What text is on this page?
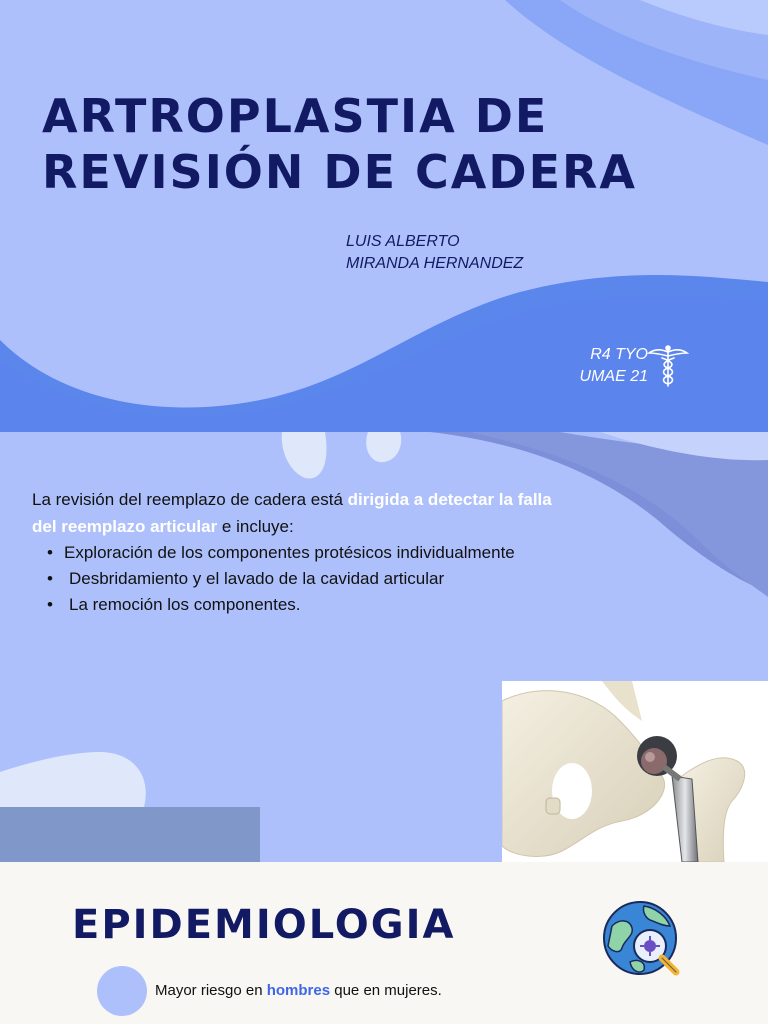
ARTROPLASTIA DE
REVISIÓN DE CADERA
LUIS ALBERTO
MIRANDA HERNANDEZ
R4 TYO
UMAE 21
La revisión del reemplazo de cadera está dirigida a detectar la falla del reemplazo articular e incluye:
• Exploración de los componentes protésicos individualmente
• Desbridamiento y el lavado de la cavidad articular
• La remoción los componentes.
EPIDEMIOLOGIA
Mayor riesgo en hombres que en mujeres.
